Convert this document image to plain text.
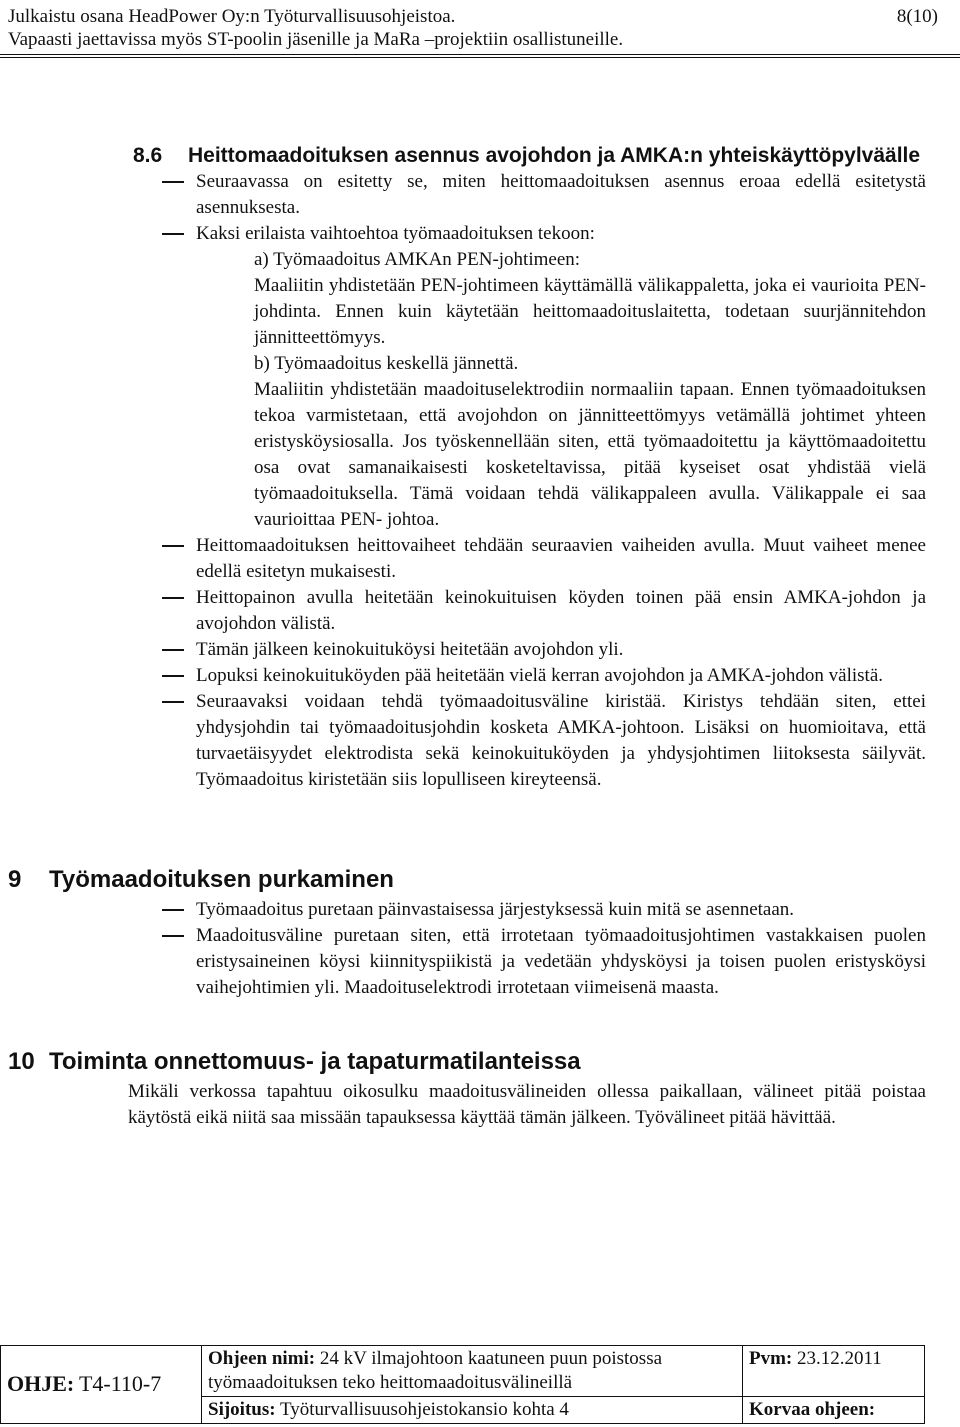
Julkaistu osana HeadPower Oy:n Työturvallisuusohjeistoa.	8(10)
Vapaasti jaettavissa myös ST-poolin jäsenille ja MaRa –projektiin osallistuneille.
8.6 Heittomaadoituksen asennus avojohdon ja AMKA:n yhteiskäyttöpylväälle
Seuraavassa on esitetty se, miten heittomaadoituksen asennus eroaa edellä esitetystä asennuksesta.
Kaksi erilaista vaihtoehtoa työmaadoituksen tekoon:
a) Työmaadoitus AMKAn PEN-johtimeen:
Maaliitin yhdistetään PEN-johtimeen käyttämällä välikappaletta, joka ei vaurioita PEN-johdinta. Ennen kuin käytetään heittomaadoituslaitetta, todetaan suurjännitehdon jännitteettömyys.
b) Työmaadoitus keskellä jännettä.
Maaliitin yhdistetään maadoituselektrodiin normaaliin tapaan. Ennen työmaadoituksen tekoa varmistetaan, että avojohdon on jännitteettömyys vetämällä johtimet yhteen eristysköysiosalla. Jos työskennellään siten, että työmaadoitettu ja käyttömaadoitettu osa ovat samanaikaisesti kosketeltavissa, pitää kyseiset osat yhdistää vielä työmaadoituksella. Tämä voidaan tehdä välikappaleen avulla. Välikappale ei saa vaurioittaa PEN- johtoa.
Heittomaadoituksen heittovaiheet tehdään seuraavien vaiheiden avulla. Muut vaiheet menee edellä esitetyn mukaisesti.
Heittopainon avulla heitetään keinokuituisen köyden toinen pää ensin AMKA-johdon ja avojohdon välistä.
Tämän jälkeen keinokuituköysi heitetään avojohdon yli.
Lopuksi keinokuituköyden pää heitetään vielä kerran avojohdon ja AMKA-johdon välistä.
Seuraavaksi voidaan tehdä työmaadoitusväline kiristää. Kiristys tehdään siten, ettei yhdysjohdin tai työmaadoitusjohdin kosketa AMKA-johtoon. Lisäksi on huomioitava, että turvaetäisyydet elektrodista sekä keinokuituköyden ja yhdysjohtimen liitoksesta säilyvät. Työmaadoitus kiristetään siis lopulliseen kireyteensä.
9 Työmaadoituksen purkaminen
Työmaadoitus puretaan päinvastaisessa järjestyksessä kuin mitä se asennetaan.
Maadoitusväline puretaan siten, että irrotetaan työmaadoitusjohtimen vastakkaisen puolen eristysaineinen köysi kiinnityspiikistä ja vedetään yhdysköysi ja toisen puolen eristysköysi vaihejohtimien yli. Maadoituselektrodi irrotetaan viimeisenä maasta.
10 Toiminta onnettomuus- ja tapaturmatilanteissa
Mikäli verkossa tapahtuu oikosulku maadoitusvälineiden ollessa paikallaan, välineet pitää poistaa käytöstä eikä niitä saa missään tapauksessa käyttää tämän jälkeen. Työvälineet pitää hävittää.
OHJE: T4-110-7	Ohjeen nimi: 24 kV ilmajohtoon kaatuneen puun poistossa työmaadoituksen teko heittomaadoitusvälineillä	Pvm: 23.12.2011
	Sijoitus: Työturvallisuusohjeistokansio kohta 4	Korvaa ohjeen:
